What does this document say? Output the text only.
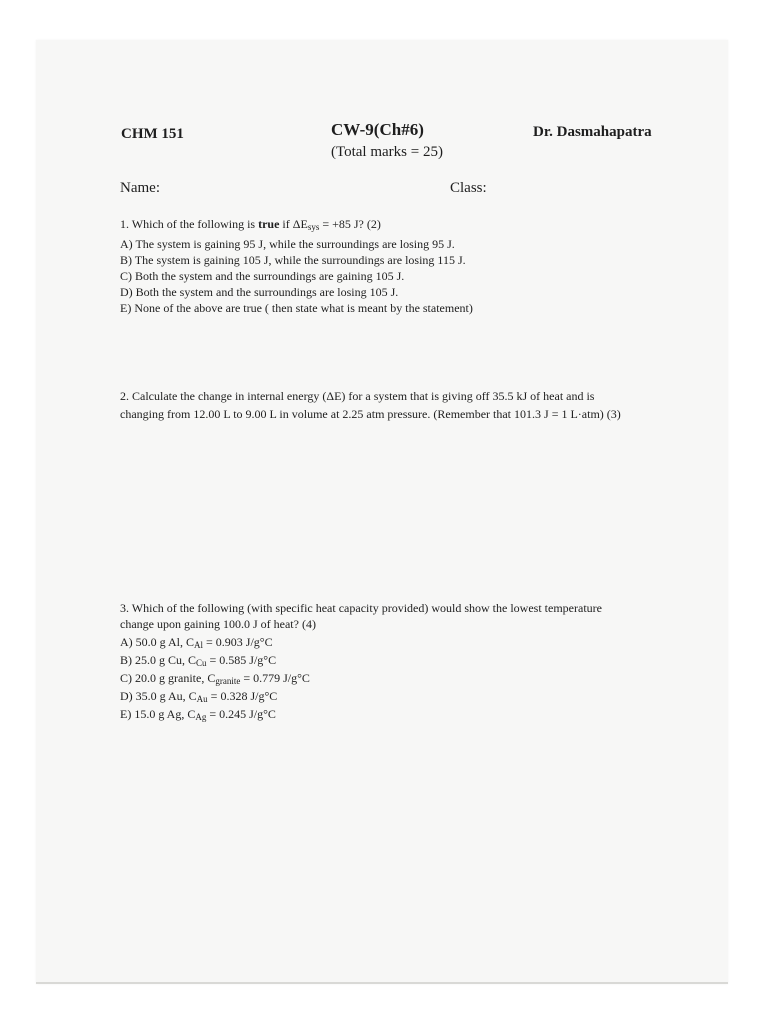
CHM 151	CW-9(Ch#6)
(Total marks = 25)
Dr. Dasmahapatra
Name:	Class:
1. Which of the following is true if $\Delta E_{sys} = +85$ J? (2)
A) The system is gaining 95 J, while the surroundings are losing 95 J.
B) The system is gaining 105 J, while the surroundings are losing 115 J.
C) Both the system and the surroundings are gaining 105 J.
D) Both the system and the surroundings are losing 105 J.
E) None of the above are true ( then state what is meant by the statement)
2. Calculate the change in internal energy (ΔE) for a system that is giving off 35.5 kJ of heat and is
changing from 12.00 L to 9.00 L in volume at 2.25 atm pressure. (Remember that 101.3 J = 1 L·atm) (3)
3. Which of the following (with specific heat capacity provided) would show the lowest temperature
change upon gaining 100.0 J of heat? (4)
A) 50.0 g Al, $C_{Al} = 0.903$ J/g°C
B) 25.0 g Cu, $C_{Cu} = 0.585$ J/g°C
C) 20.0 g granite, $C_{granite} = 0.779$ J/g°C
D) 35.0 g Au, $C_{Au} = 0.328$ J/g°C
E) 15.0 g Ag, $C_{Ag} = 0.245$ J/g°C
